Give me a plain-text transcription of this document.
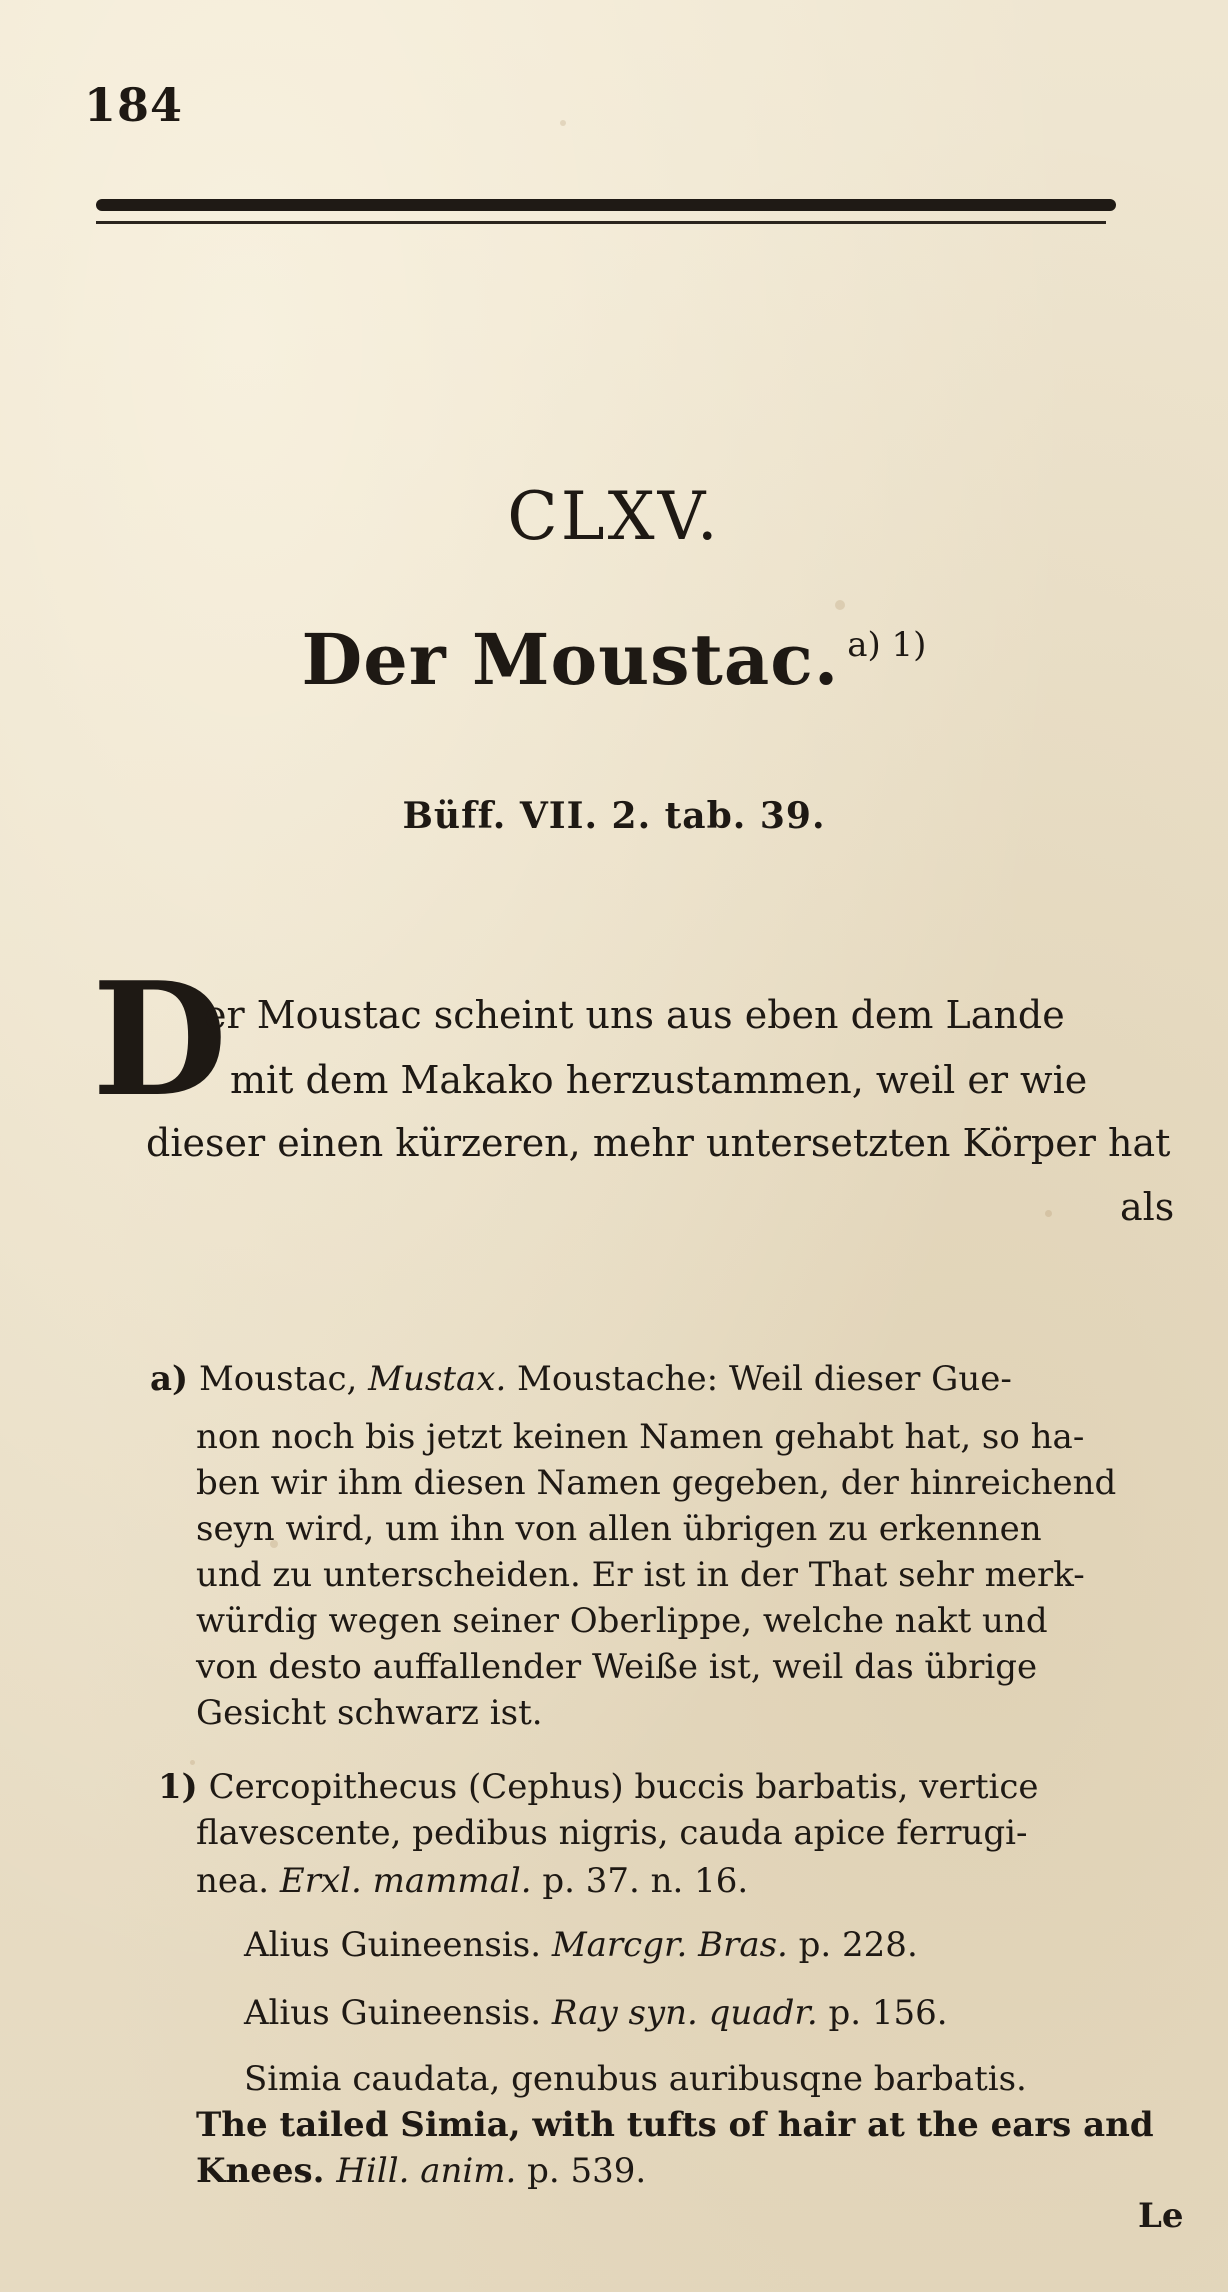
184
CLXV.
Der Moustac. a) 1)
Büff. VII. 2. tab. 39.
D
er Moustac scheint uns aus eben dem Lande
mit dem Makako herzustammen, weil er wie
dieser einen kürzeren, mehr untersetzten Körper hat
als
a) Moustac, Mustax. Moustache: Weil dieser Gue-
non noch bis jetzt keinen Namen gehabt hat, so ha-
ben wir ihm diesen Namen gegeben, der hinreichend
seyn wird, um ihn von allen übrigen zu erkennen
und zu unterscheiden. Er ist in der That sehr merk-
würdig wegen seiner Oberlippe, welche nakt und
von desto auffallender Weiße ist, weil das übrige
Gesicht schwarz ist.
1) Cercopithecus (Cephus) buccis barbatis, vertice
flavescente, pedibus nigris, cauda apice ferrugi-
nea. Erxl. mammal. p. 37. n. 16.
Alius Guineensis. Marcgr. Bras. p. 228.
Alius Guineensis. Ray syn. quadr. p. 156.
Simia caudata, genubus auribusqne barbatis.
The tailed Simia, with tufts of hair at the ears and
Knees. Hill. anim. p. 539.
Le
